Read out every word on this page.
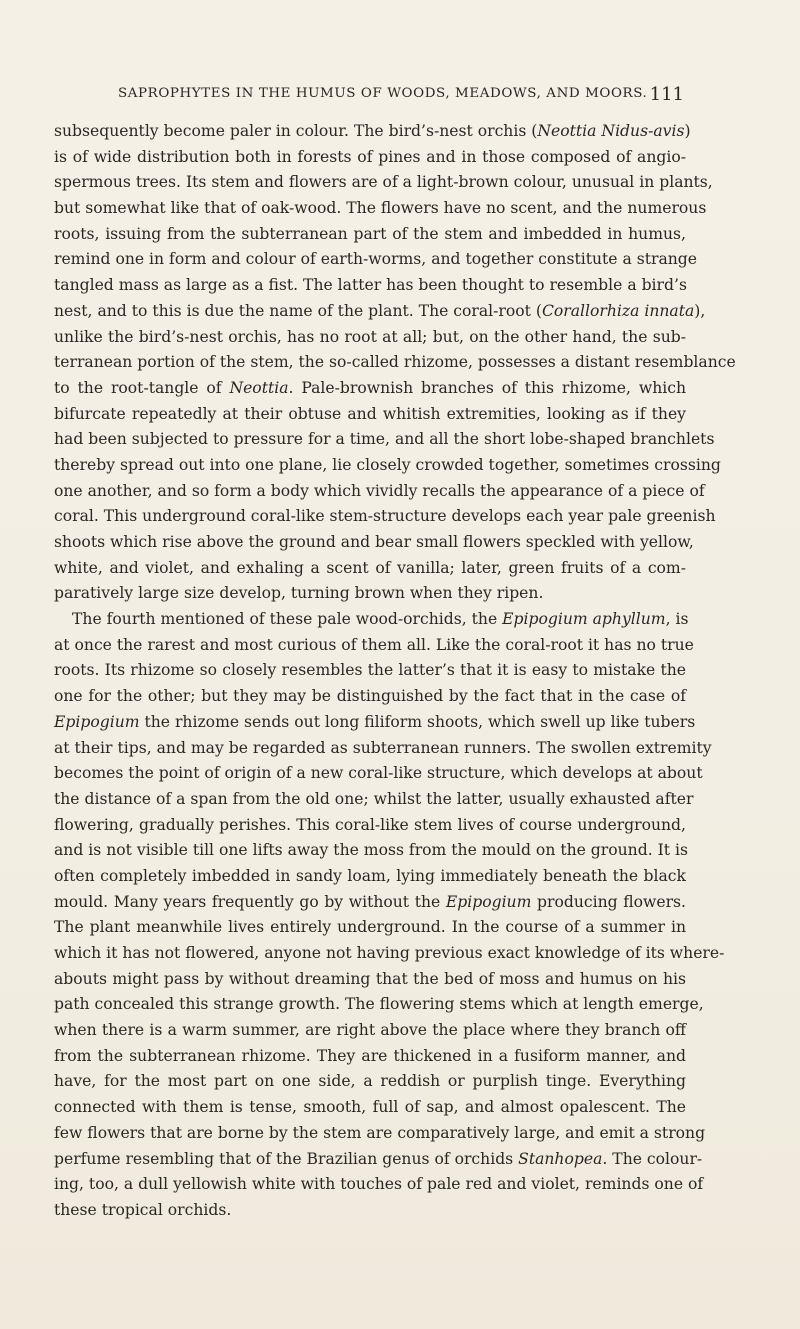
SAPROPHYTES IN THE HUMUS OF WOODS, MEADOWS, AND MOORS. 111
subsequently become paler in colour. The bird’s-nest orchis (Neottia Nidus-avis)
is of wide distribution both in forests of pines and in those composed of angio-
spermous trees. Its stem and flowers are of a light-brown colour, unusual in plants,
but somewhat like that of oak-wood. The flowers have no scent, and the numerous
roots, issuing from the subterranean part of the stem and imbedded in humus,
remind one in form and colour of earth-worms, and together constitute a strange
tangled mass as large as a fist. The latter has been thought to resemble a bird’s
nest, and to this is due the name of the plant. The coral-root (Corallorhiza innata),
unlike the bird’s-nest orchis, has no root at all; but, on the other hand, the sub-
terranean portion of the stem, the so-called rhizome, possesses a distant resemblance
to the root-tangle of Neottia. Pale-brownish branches of this rhizome, which
bifurcate repeatedly at their obtuse and whitish extremities, looking as if they
had been subjected to pressure for a time, and all the short lobe-shaped branchlets
thereby spread out into one plane, lie closely crowded together, sometimes crossing
one another, and so form a body which vividly recalls the appearance of a piece of
coral. This underground coral-like stem-structure develops each year pale greenish
shoots which rise above the ground and bear small flowers speckled with yellow,
white, and violet, and exhaling a scent of vanilla; later, green fruits of a com-
paratively large size develop, turning brown when they ripen.
The fourth mentioned of these pale wood-orchids, the Epipogium aphyllum, is
at once the rarest and most curious of them all. Like the coral-root it has no true
roots. Its rhizome so closely resembles the latter’s that it is easy to mistake the
one for the other; but they may be distinguished by the fact that in the case of
Epipogium the rhizome sends out long filiform shoots, which swell up like tubers
at their tips, and may be regarded as subterranean runners. The swollen extremity
becomes the point of origin of a new coral-like structure, which develops at about
the distance of a span from the old one; whilst the latter, usually exhausted after
flowering, gradually perishes. This coral-like stem lives of course underground,
and is not visible till one lifts away the moss from the mould on the ground. It is
often completely imbedded in sandy loam, lying immediately beneath the black
mould. Many years frequently go by without the Epipogium producing flowers.
The plant meanwhile lives entirely underground. In the course of a summer in
which it has not flowered, anyone not having previous exact knowledge of its where-
abouts might pass by without dreaming that the bed of moss and humus on his
path concealed this strange growth. The flowering stems which at length emerge,
when there is a warm summer, are right above the place where they branch off
from the subterranean rhizome. They are thickened in a fusiform manner, and
have, for the most part on one side, a reddish or purplish tinge. Everything
connected with them is tense, smooth, full of sap, and almost opalescent. The
few flowers that are borne by the stem are comparatively large, and emit a strong
perfume resembling that of the Brazilian genus of orchids Stanhopea. The colour-
ing, too, a dull yellowish white with touches of pale red and violet, reminds one of
these tropical orchids.
